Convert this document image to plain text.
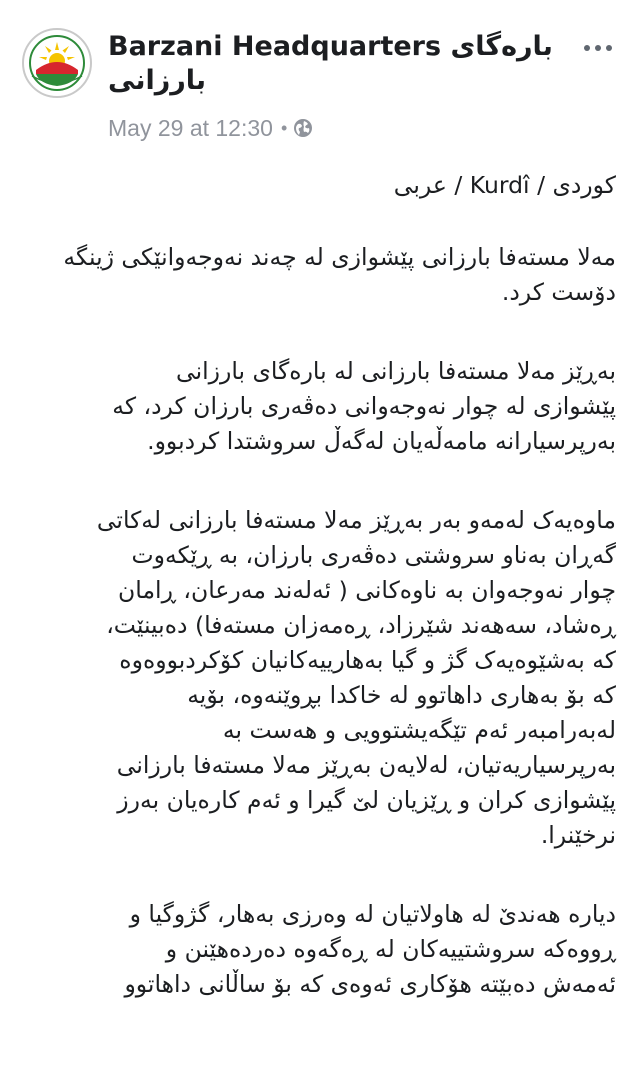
Barzani Headquarters بارەگای
بارزانی
May 29 at 12:30 •
کوردی / Kurdî / عربی
مەلا مستەفا بارزانی پێشوازی لە چەند نەوجەوانێکی ژینگە دۆست کرد.
بەڕێز مەلا مستەفا بارزانی لە بارەگای بارزانی
پێشوازی لە چوار نەوجەوانی دەڤەری بارزان کرد، کە
بەرپرسیارانە مامەڵەیان لەگەڵ سروشتدا کردبوو.
ماوەیەک لەمەو بەر بەڕێز مەلا مستەفا بارزانی لەکاتی
گەڕان بەناو سروشتی دەڤەری بارزان، بە ڕێکەوت
چوار نەوجەوان بە ناوەکانی ( ئەلەند مەرعان، ڕامان
ڕەشاد، سەهەند شێرزاد، ڕەمەزان مستەفا) دەبینێت،
کە بەشێوەیەک گژ و گیا بەهارییەکانیان کۆکردبووەوە
کە بۆ بەهاری داهاتوو لە خاکدا بڕوێنەوە، بۆیە
لەبەرامبەر ئەم تێگەیشتوویی و هەست بە
بەرپرسیاریەتیان، لەلایەن بەڕێز مەلا مستەفا بارزانی
پێشوازی کران و ڕێزیان لێ گیرا و ئەم کارەیان بەرز
نرخێنرا.
دیارە هەندێ لە هاولاتیان لە وەرزی بەهار، گژوگیا و
ڕووەکە سروشتییەکان لە ڕەگەوە دەردەهێنن و
ئەمەش دەبێتە هۆکاری ئەوەی کە بۆ ساڵانی داهاتوو
